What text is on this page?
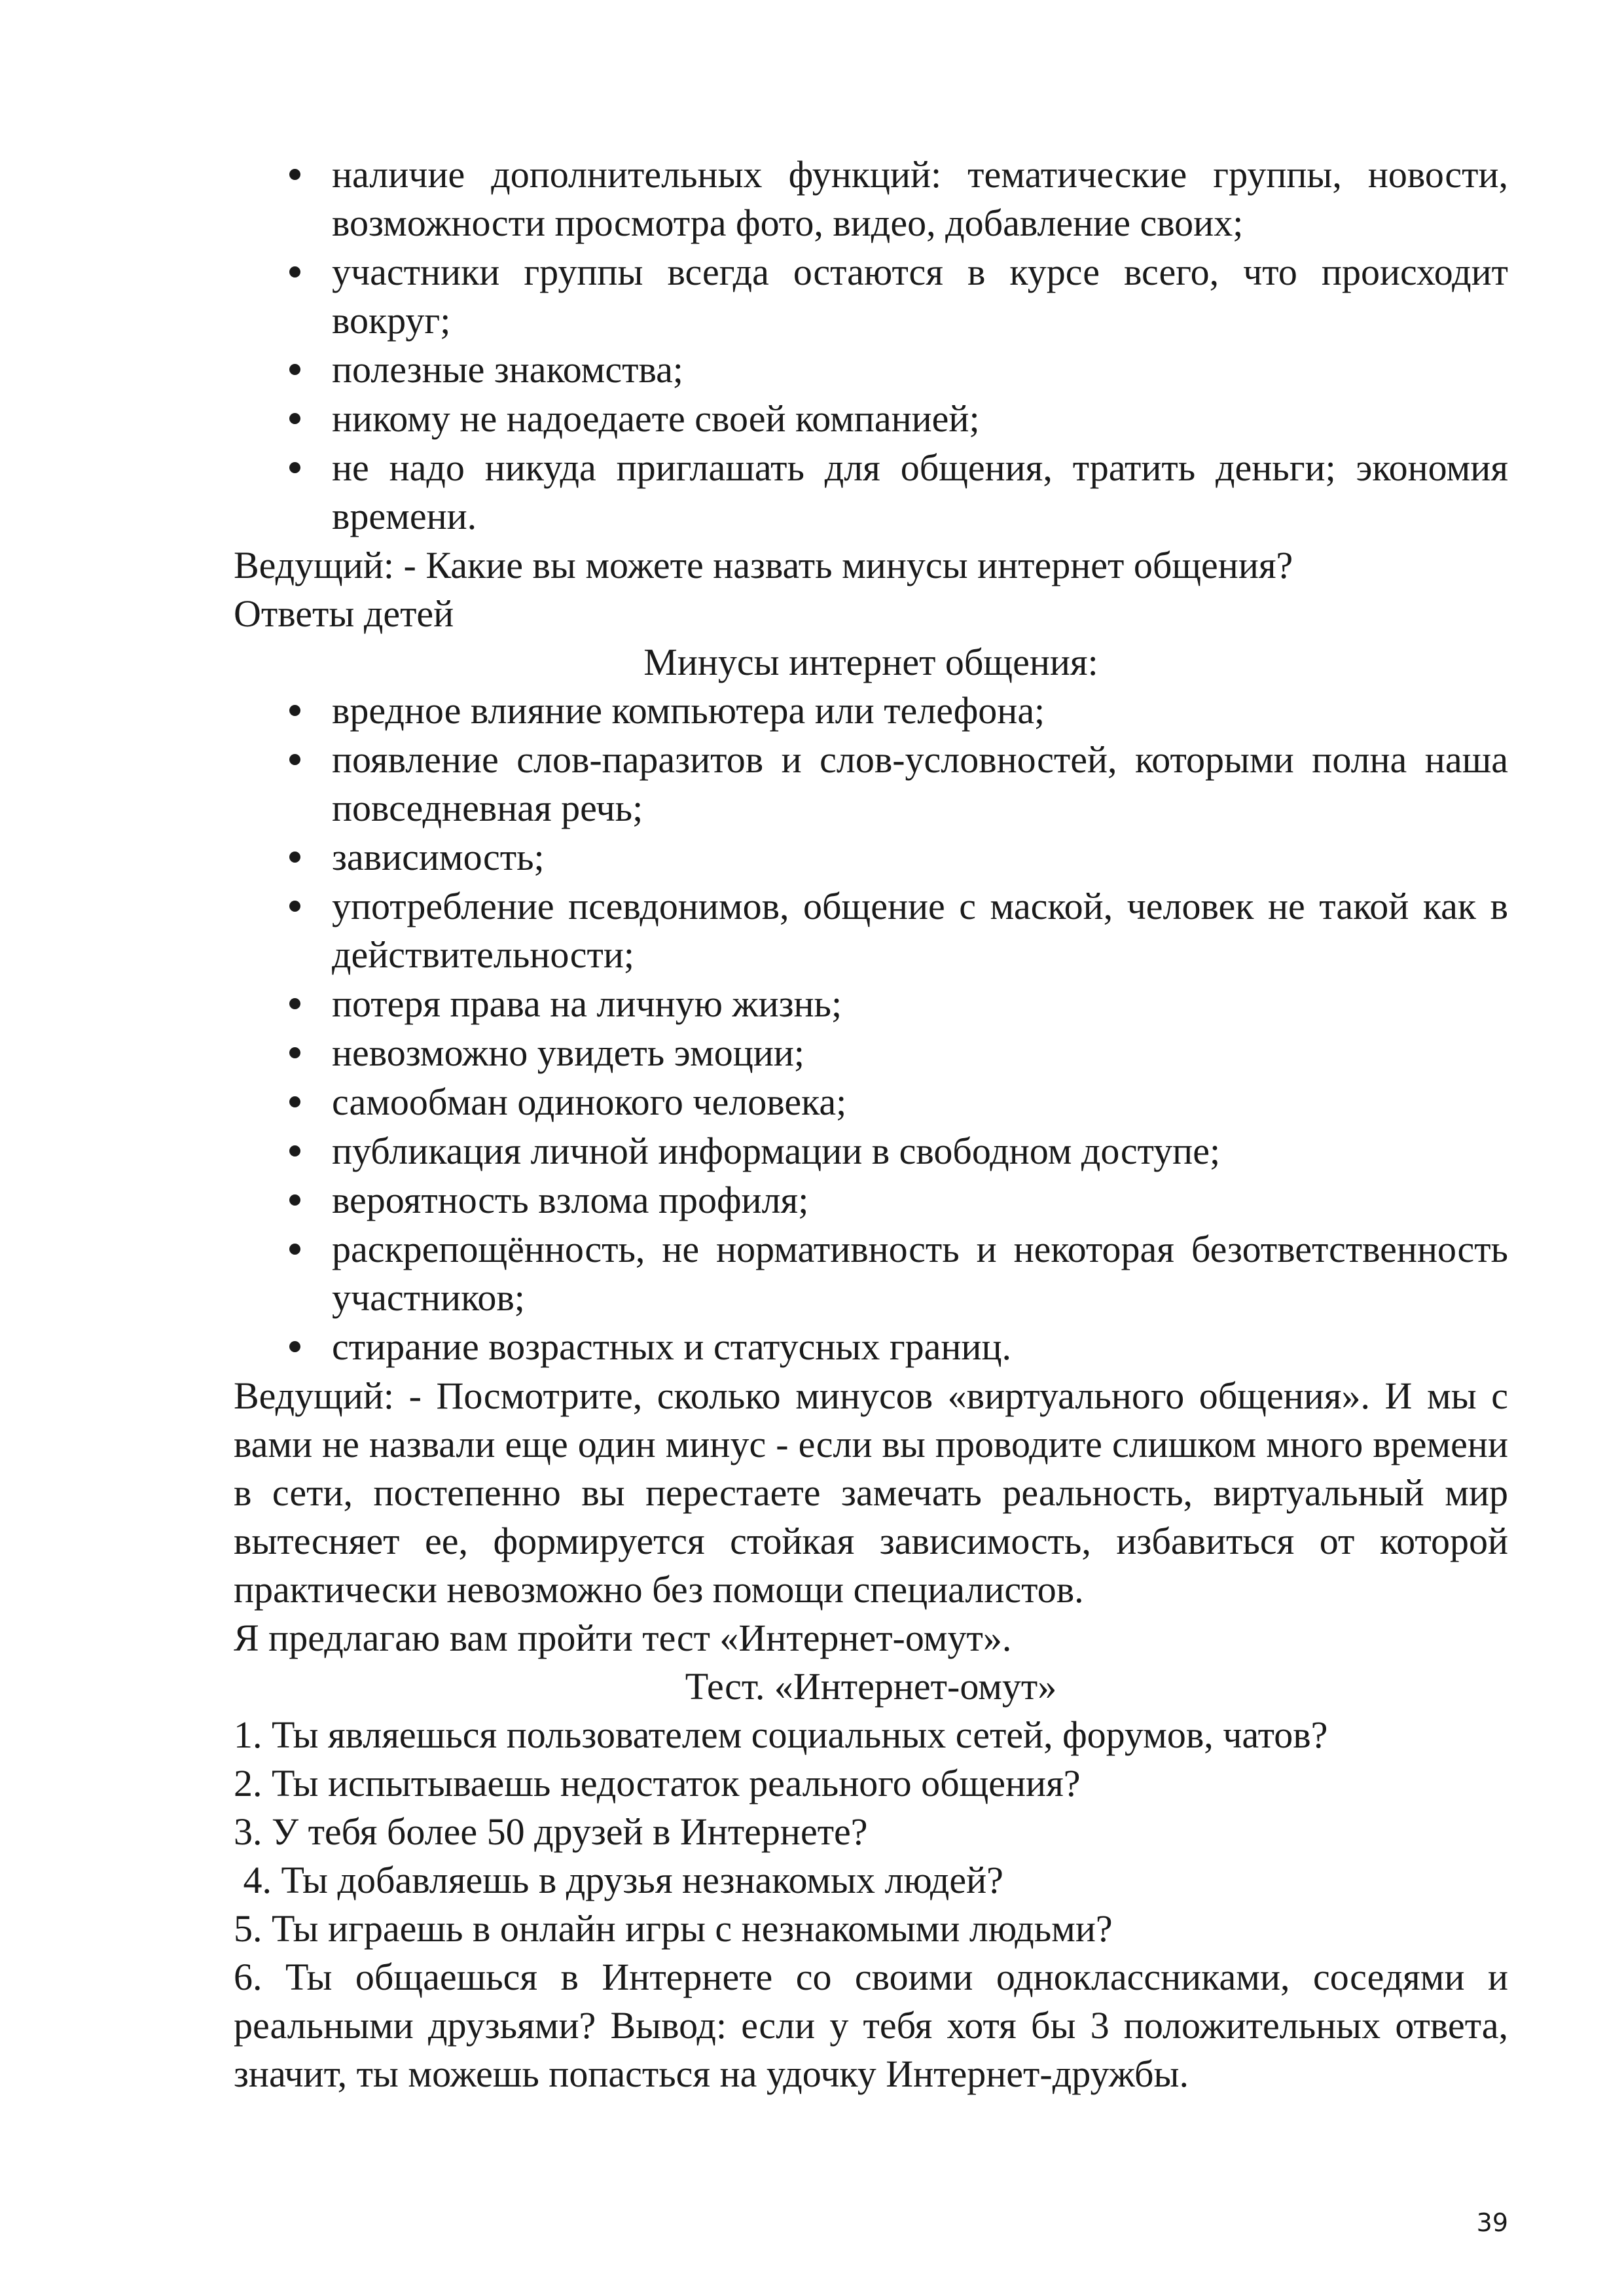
наличие дополнительных функций: тематические группы, новости, возможности просмотра фото, видео, добавление своих;
участники группы всегда остаются в курсе всего, что происходит вокруг;
полезные знакомства;
никому не надоедаете своей компанией;
не надо никуда приглашать для общения, тратить деньги; экономия времени.

Ведущий: - Какие вы можете назвать минусы интернет общения?

Ответы детей

Минусы интернет общения:

вредное влияние компьютера или телефона;
появление слов-паразитов и слов-условностей, которыми полна наша повседневная речь;
зависимость;
употребление псевдонимов, общение с маской, человек не такой как в действительности;
потеря права на личную жизнь;
невозможно увидеть эмоции;
самообман одинокого человека;
публикация личной информации в свободном доступе;
вероятность взлома профиля;
раскрепощённость, не нормативность и некоторая безответственность участников;
стирание возрастных и статусных границ.

Ведущий: - Посмотрите, сколько минусов «виртуального общения». И мы с вами не назвали еще один минус - если вы проводите слишком много времени в сети, постепенно вы перестаете замечать реальность, виртуальный мир вытесняет ее, формируется стойкая зависимость, избавиться от которой практически невозможно без помощи специалистов.

Я предлагаю вам пройти тест «Интернет-омут».

Тест. «Интернет-омут»

1. Ты являешься пользователем социальных сетей, форумов, чатов?

2. Ты испытываешь недостаток реального общения?

3. У тебя более 50 друзей в Интернете?

4. Ты добавляешь в друзья незнакомых людей?

5. Ты играешь в онлайн игры с незнакомыми людьми?

6. Ты общаешься в Интернете со своими одноклассниками, соседями и реальными друзьями? Вывод: если у тебя хотя бы 3 положительных ответа, значит, ты можешь попасться на удочку Интернет-дружбы.

39
